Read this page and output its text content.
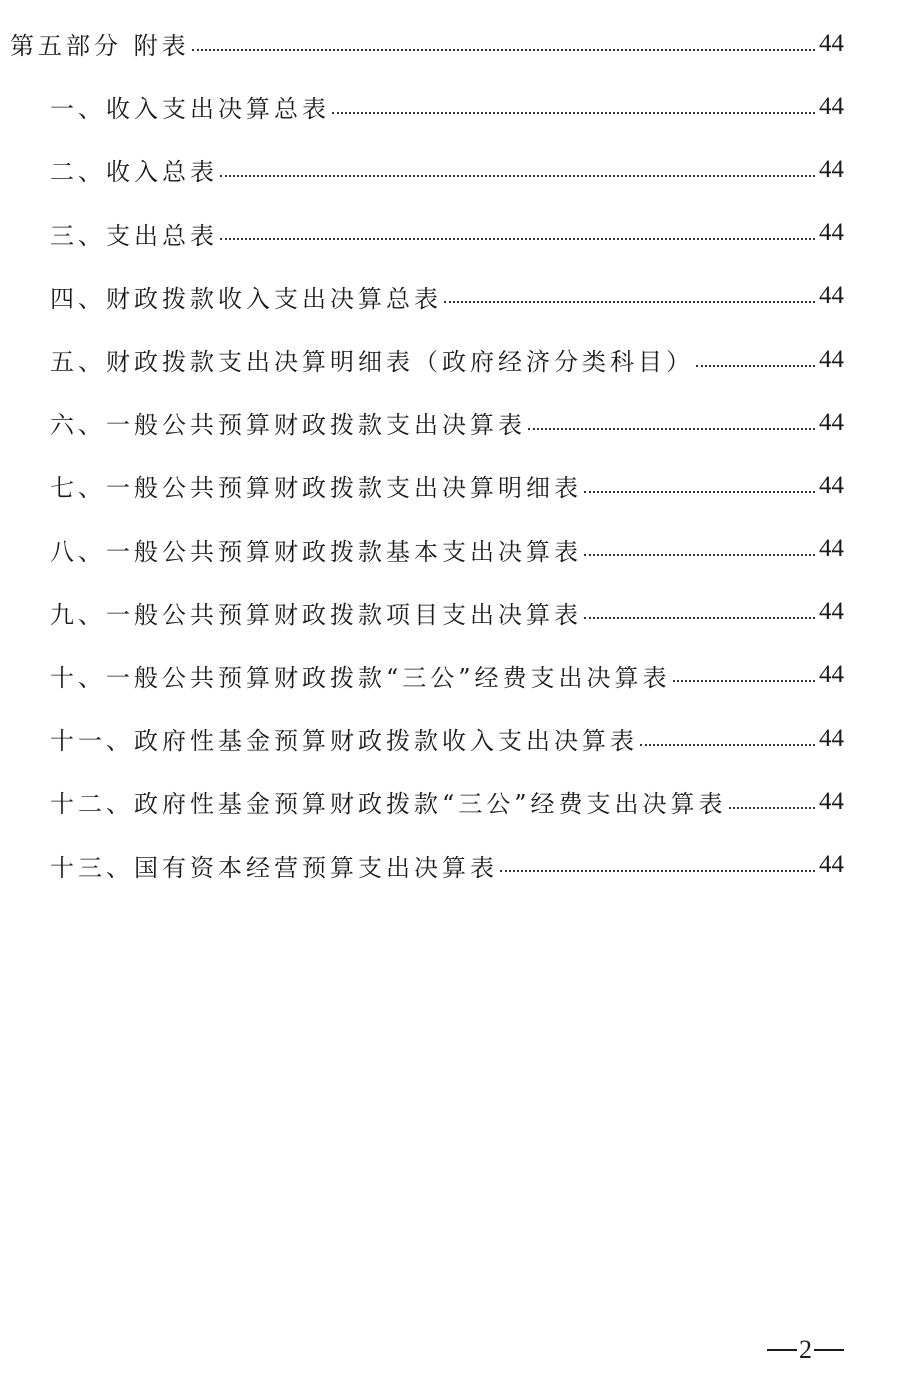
第五部分 附表	44
一、收入支出决算总表	44
二、收入总表	44
三、支出总表	44
四、财政拨款收入支出决算总表	44
五、财政拨款支出决算明细表（政府经济分类科目）	44
六、一般公共预算财政拨款支出决算表	44
七、一般公共预算财政拨款支出决算明细表	44
八、一般公共预算财政拨款基本支出决算表	44
九、一般公共预算财政拨款项目支出决算表	44
十、一般公共预算财政拨款“三公”经费支出决算表	44
十一、政府性基金预算财政拨款收入支出决算表	44
十二、政府性基金预算财政拨款“三公”经费支出决算表	44
十三、国有资本经营预算支出决算表	44
2
